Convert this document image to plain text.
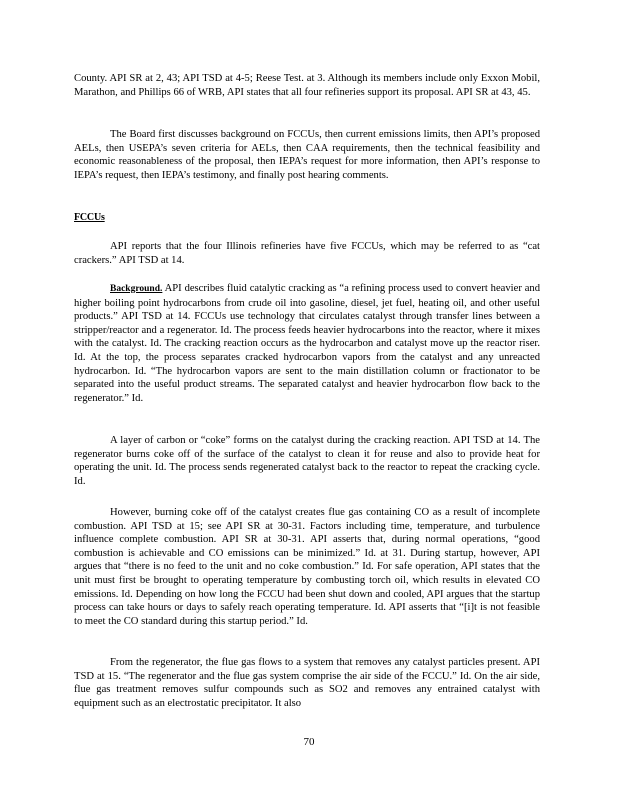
County. API SR at 2, 43; API TSD at 4-5; Reese Test. at 3. Although its members include only Exxon Mobil, Marathon, and Phillips 66 of WRB, API states that all four refineries support its proposal. API SR at 43, 45.

The Board first discusses background on FCCUs, then current emissions limits, then API’s proposed AELs, then USEPA’s seven criteria for AELs, then CAA requirements, then the technical feasibility and economic reasonableness of the proposal, then IEPA’s request for more information, then API’s response to IEPA’s request, then IEPA’s testimony, and finally post hearing comments.

FCCUs

API reports that the four Illinois refineries have five FCCUs, which may be referred to as “cat crackers.” API TSD at 14.

Background. API describes fluid catalytic cracking as “a refining process used to convert heavier and higher boiling point hydrocarbons from crude oil into gasoline, diesel, jet fuel, heating oil, and other useful products.” API TSD at 14. FCCUs use technology that circulates catalyst through transfer lines between a stripper/reactor and a regenerator. Id. The process feeds heavier hydrocarbons into the reactor, where it mixes with the catalyst. Id. The cracking reaction occurs as the hydrocarbon and catalyst move up the reactor riser. Id. At the top, the process separates cracked hydrocarbon vapors from the catalyst and any unreacted hydrocarbon. Id. “The hydrocarbon vapors are sent to the main distillation column or fractionator to be separated into the useful product streams. The separated catalyst and heavier hydrocarbon flow back to the regenerator.” Id.

A layer of carbon or “coke” forms on the catalyst during the cracking reaction. API TSD at 14. The regenerator burns coke off of the surface of the catalyst to clean it for reuse and also to provide heat for operating the unit. Id. The process sends regenerated catalyst back to the reactor to repeat the cracking cycle. Id.

However, burning coke off of the catalyst creates flue gas containing CO as a result of incomplete combustion. API TSD at 15; see API SR at 30-31. Factors including time, temperature, and turbulence influence complete combustion. API SR at 30-31. API asserts that, during normal operations, “good combustion is achievable and CO emissions can be minimized.” Id. at 31. During startup, however, API argues that “there is no feed to the unit and no coke combustion.” Id. For safe operation, API states that the unit must first be brought to operating temperature by combusting torch oil, which results in elevated CO emissions. Id. Depending on how long the FCCU had been shut down and cooled, API argues that the startup process can take hours or days to safely reach operating temperature. Id. API asserts that “[i]t is not feasible to meet the CO standard during this startup period.” Id.

From the regenerator, the flue gas flows to a system that removes any catalyst particles present. API TSD at 15. “The regenerator and the flue gas system comprise the air side of the FCCU.” Id. On the air side, flue gas treatment removes sulfur compounds such as SO2 and removes any entrained catalyst with equipment such as an electrostatic precipitator. It also

70
